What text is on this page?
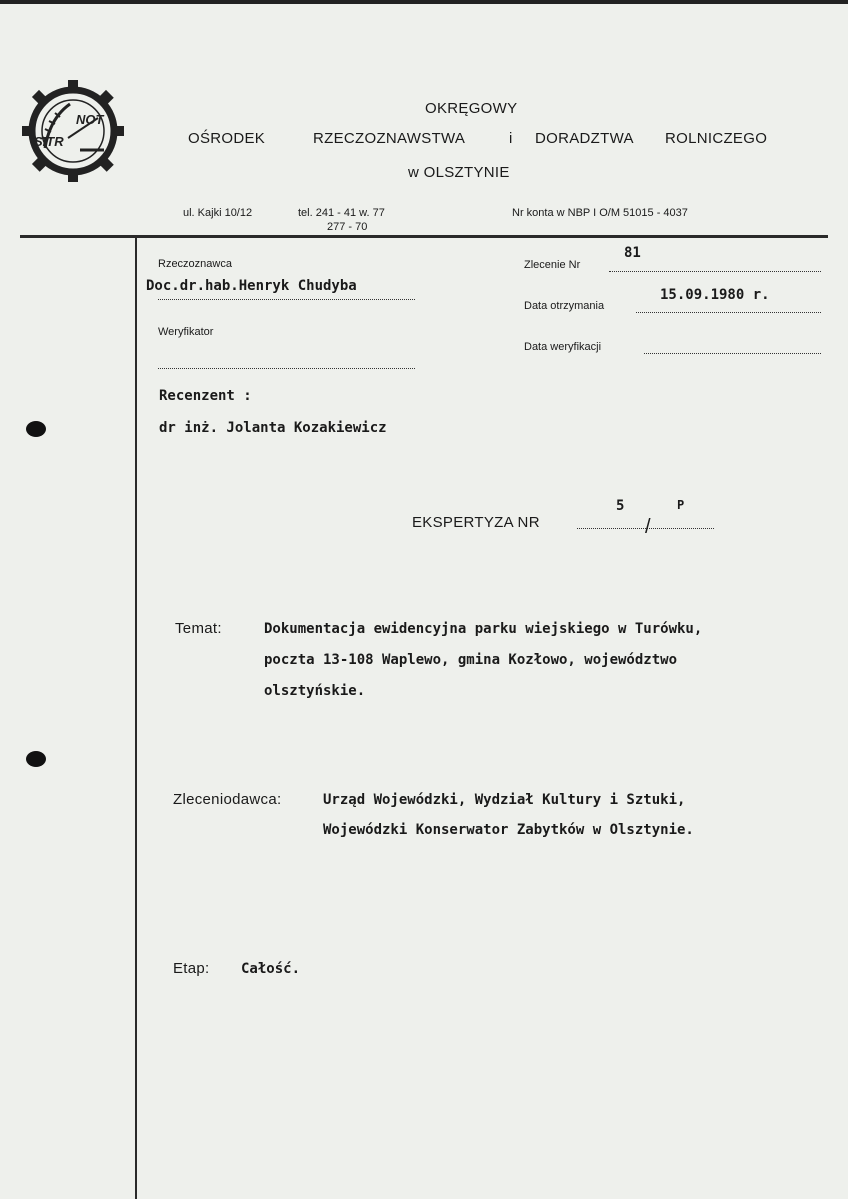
NOT
SITR
OKRĘGOWY
OŚRODEK	RZECZOZNAWSTWA	i DORADZTWA ROLNICZEGO
w OLSZTYNIE
ul. Kajki 10/12	tel. 241 - 41 w. 77
277 - 70
Nr konta w NBP I O/M 51015 - 4037
Rzeczoznawca
Doc.dr.hab.Henryk Chudyba
Weryfikator
Zlecenie Nr
81
Data otrzymania
15.09.1980 r.
Data weryfikacji
Recenzent :
dr inż. Jolanta Kozakiewicz
EKSPERTYZA NR
5
/
P
Temat:	Dokumentacja ewidencyjna parku wiejskiego w Turówku,
poczta 13-108 Waplewo, gmina Kozłowo, województwo
olsztyńskie.
Zleceniodawca:	Urząd Wojewódzki, Wydział Kultury i Sztuki,
Wojewódzki Konserwator Zabytków w Olsztynie.
Etap: Całość.
